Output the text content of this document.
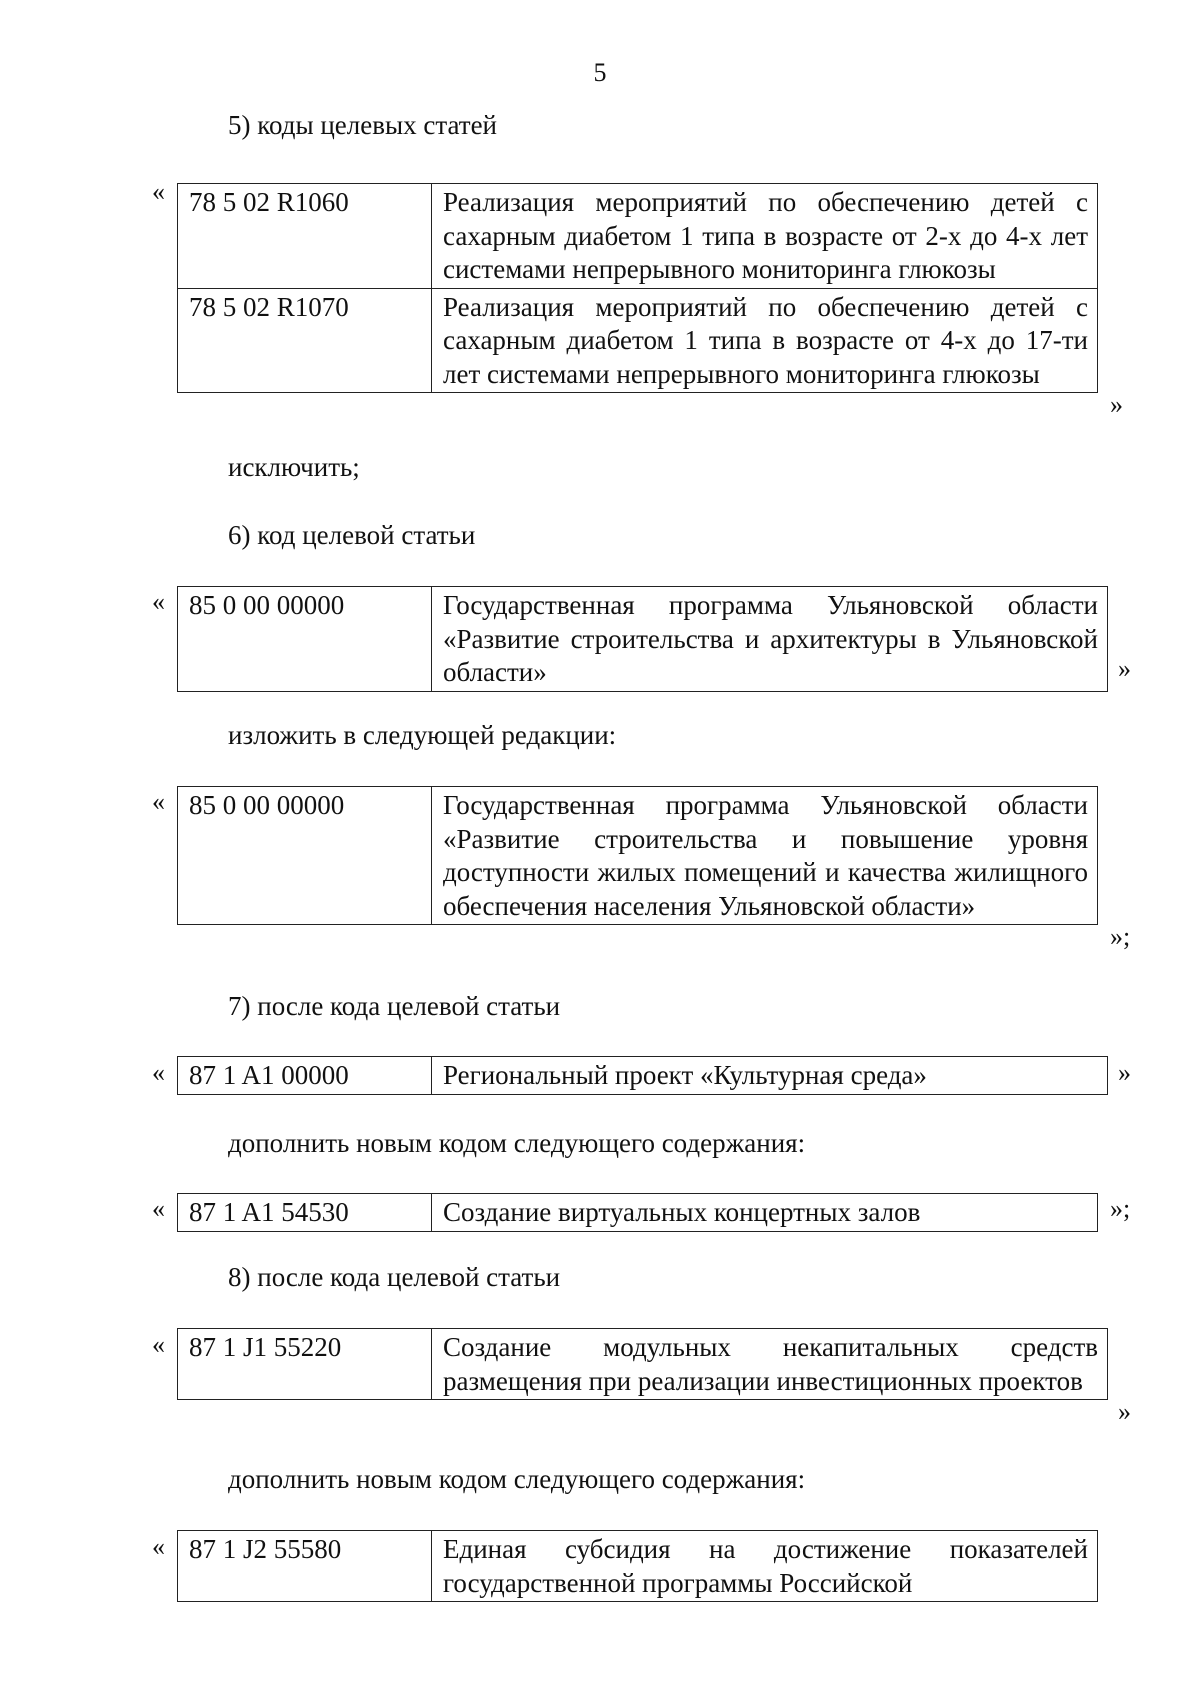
5
5) коды целевых статей
« 78 5 02 R1060	Реализация мероприятий по обеспечению детей с сахарным диабетом 1 типа в возрасте от 2-х до 4-х лет системами непрерывного мониторинга глюкозы
78 5 02 R1070	Реализация мероприятий по обеспечению детей с сахарным диабетом 1 типа в возрасте от 4-х до 17-ти лет системами непрерывного мониторинга глюкозы
»
исключить;
6) код целевой статьи
« 85 0 00 00000	Государственная программа Ульяновской области «Развитие строительства и архитектуры в Ульяновской области»	»
изложить в следующей редакции:
« 85 0 00 00000	Государственная программа Ульяновской области «Развитие строительства и повышение уровня доступности жилых помещений и качества жилищного обеспечения населения Ульяновской области»
»;
7) после кода целевой статьи
« 87 1 A1 00000	Региональный проект «Культурная среда»	»
дополнить новым кодом следующего содержания:
« 87 1 A1 54530	Создание виртуальных концертных залов	»;
8) после кода целевой статьи
« 87 1 J1 55220	Создание модульных некапитальных средств размещения при реализации инвестиционных проектов
»
дополнить новым кодом следующего содержания:
« 87 1 J2 55580	Единая субсидия на достижение показателей государственной программы Российской
